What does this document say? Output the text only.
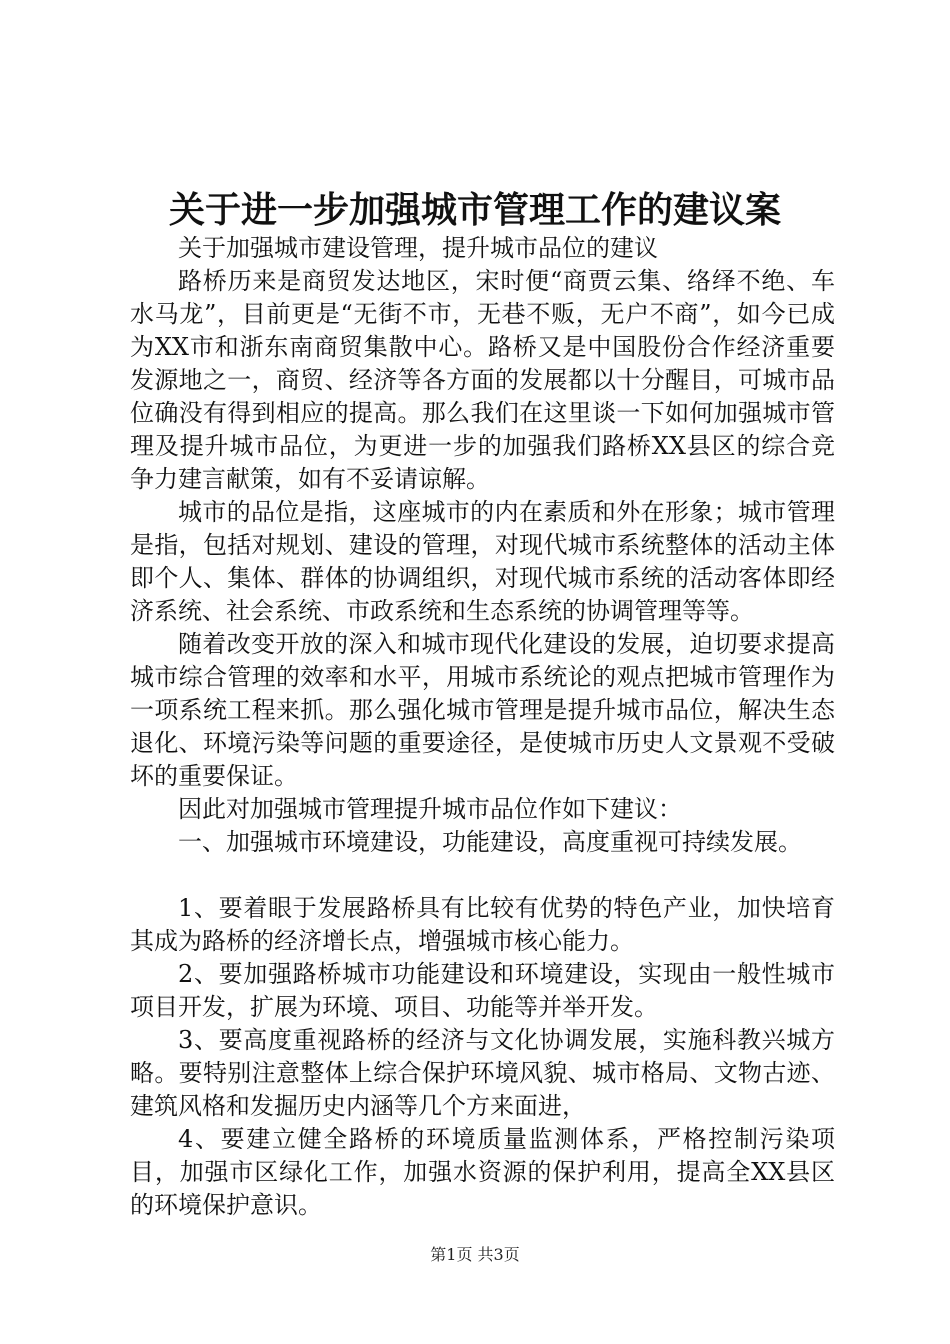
关于进一步加强城市管理工作的建议案

关于加强城市建设管理，提升城市品位的建议

路桥历来是商贸发达地区，宋时便“商贾云集、络绎不绝、车水马龙”，目前更是“无街不市，无巷不贩，无户不商”，如今已成为XX市和浙东南商贸集散中心。路桥又是中国股份合作经济重要发源地之一，商贸、经济等各方面的发展都以十分醒目，可城市品位确没有得到相应的提高。那么我们在这里谈一下如何加强城市管理及提升城市品位，为更进一步的加强我们路桥XX县区的综合竞争力建言献策，如有不妥请谅解。

城市的品位是指，这座城市的内在素质和外在形象；城市管理是指，包括对规划、建设的管理，对现代城市系统整体的活动主体即个人、集体、群体的协调组织，对现代城市系统的活动客体即经济系统、社会系统、市政系统和生态系统的协调管理等等。

随着改变开放的深入和城市现代化建设的发展，迫切要求提高城市综合管理的效率和水平，用城市系统论的观点把城市管理作为一项系统工程来抓。那么强化城市管理是提升城市品位，解决生态退化、环境污染等问题的重要途径，是使城市历史人文景观不受破坏的重要保证。

因此对加强城市管理提升城市品位作如下建议：

一、加强城市环境建设，功能建设，高度重视可持续发展。

1、要着眼于发展路桥具有比较有优势的特色产业，加快培育其成为路桥的经济增长点，增强城市核心能力。

2、要加强路桥城市功能建设和环境建设，实现由一般性城市项目开发，扩展为环境、项目、功能等并举开发。

3、要高度重视路桥的经济与文化协调发展，实施科教兴城方略。要特别注意整体上综合保护环境风貌、城市格局、文物古迹、建筑风格和发掘历史内涵等几个方来面进，

4、要建立健全路桥的环境质量监测体系，严格控制污染项目，加强市区绿化工作，加强水资源的保护利用，提高全XX县区的环境保护意识。

第1页 共3页
